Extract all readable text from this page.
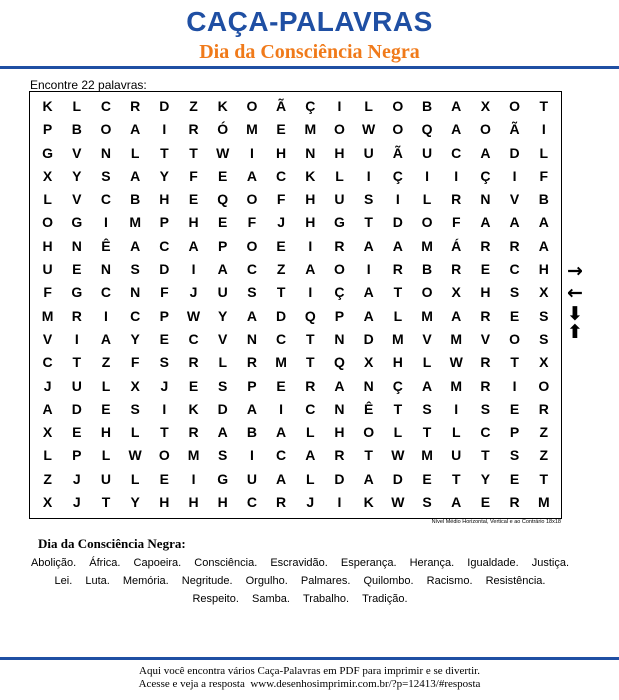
CAÇA-PALAVRAS
Dia da Consciência Negra
Encontre 22 palavras:
K	L	C	R	D	Z	K	O	Ã	Ç	I	L	O	B	A	X	O	T
P	B	O	A	I	R	Ó	M	E	M	O	W	O	Q	A	O	Ã	I
G	V	N	L	T	T	W	I	H	N	H	U	Ã	U	C	A	D	L
X	Y	S	A	Y	F	E	A	C	K	L	I	Ç	I	I	Ç	I	F
L	V	C	B	H	E	Q	O	F	H	U	S	I	L	R	N	V	B
O	G	I	M	P	H	E	F	J	H	G	T	D	O	F	A	A	A
H	N	Ê	A	C	A	P	O	E	I	R	A	A	M	Á	R	R	A
U	E	N	S	D	I	A	C	Z	A	O	I	R	B	R	E	C	H
F	G	C	N	F	J	U	S	T	I	Ç	A	T	O	X	H	S	X
M	R	I	C	P	W	Y	A	D	Q	P	A	L	M	A	R	E	S
V	I	A	Y	E	C	V	N	C	T	N	D	M	V	M	V	O	S
C	T	Z	F	S	R	L	R	M	T	Q	X	H	L	W	R	T	X
J	U	L	X	J	E	S	P	E	R	A	N	Ç	A	M	R	I	O
A	D	E	S	I	K	D	A	I	C	N	Ê	T	S	I	S	E	R
X	E	H	L	T	R	A	B	A	L	H	O	L	T	L	C	P	Z
L	P	L	W	O	M	S	I	C	A	R	T	W	M	U	T	S	Z
Z	J	U	L	E	I	G	U	A	L	D	A	D	E	T	Y	E	T
X	J	T	Y	H	H	H	C	R	J	I	K	W	S	A	E	R	M
Nível Médio Horizontal, Vertical e ao Contrário 18x18
→
←
⬇
⬆
Dia da Consciência Negra:
Abolição. África. Capoeira. Consciência. Escravidão. Esperança. Herança. Igualdade. Justiça. Lei. Luta. Memória. Negritude. Orgulho. Palmares. Quilombo. Racismo. Resistência. Respeito. Samba. Trabalho. Tradição.
Aqui você encontra vários Caça-Palavras em PDF para imprimir e se divertir.
Acesse e veja a resposta  www.desenhosimprimir.com.br/?p=12413/#resposta
